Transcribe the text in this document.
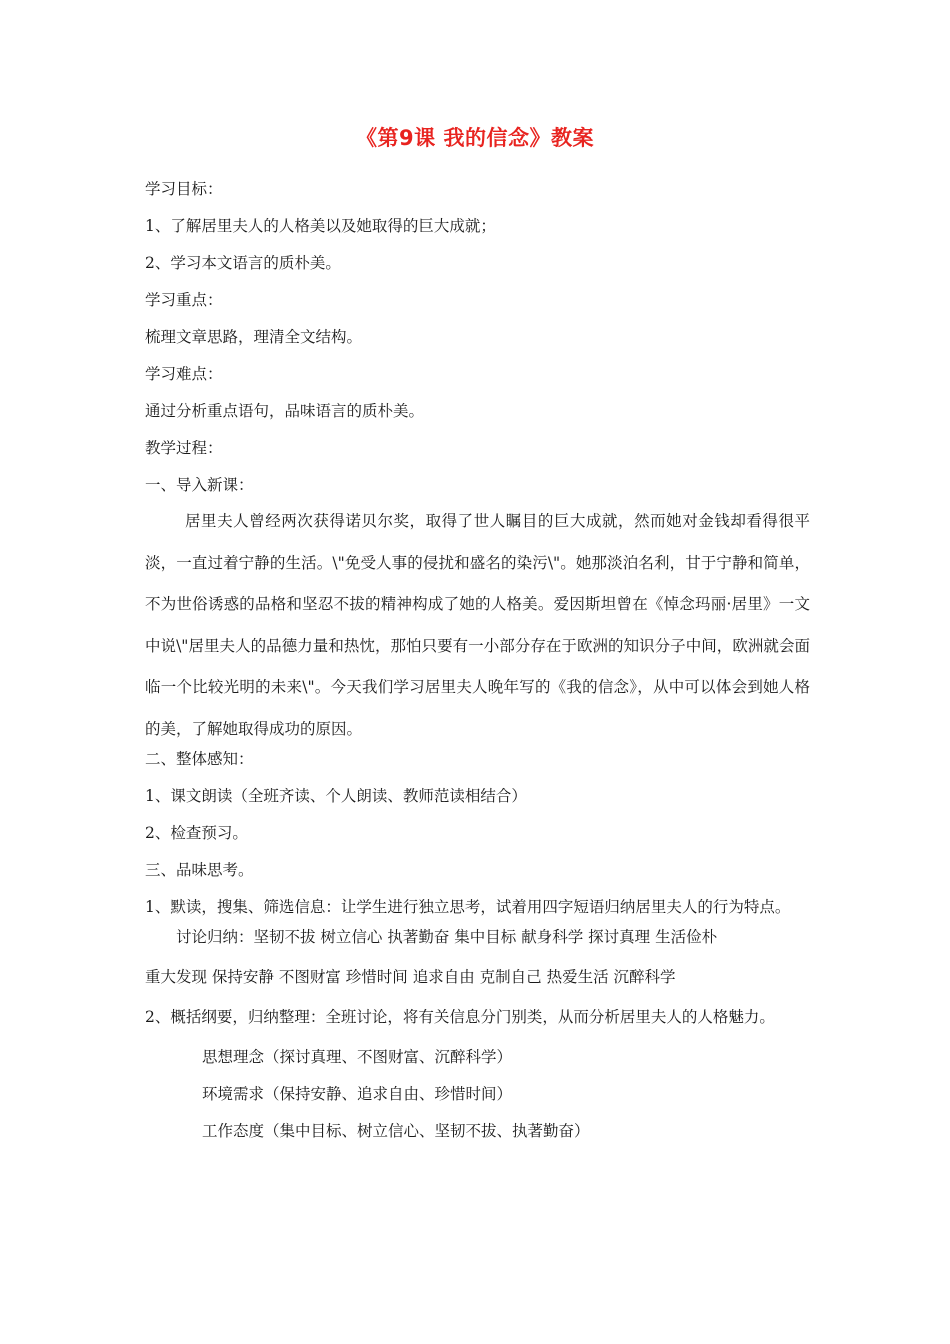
《第9课 我的信念》教案
学习目标：
1、了解居里夫人的人格美以及她取得的巨大成就；
2、学习本文语言的质朴美。
学习重点：
梳理文章思路，理清全文结构。
学习难点：
通过分析重点语句，品味语言的质朴美。
教学过程：
一、导入新课：
居里夫人曾经两次获得诺贝尔奖，取得了世人瞩目的巨大成就，然而她对金钱却看得很平淡，一直过着宁静的生活。\"免受人事的侵扰和盛名的染污\"。她那淡泊名利，甘于宁静和简单，不为世俗诱惑的品格和坚忍不拔的精神构成了她的人格美。爱因斯坦曾在《悼念玛丽·居里》一文中说\"居里夫人的品德力量和热忱，那怕只要有一小部分存在于欧洲的知识分子中间，欧洲就会面临一个比较光明的未来\"。今天我们学习居里夫人晚年写的《我的信念》，从中可以体会到她人格的美，了解她取得成功的原因。
二、整体感知：
1、课文朗读（全班齐读、个人朗读、教师范读相结合）
2、检查预习。
三、品味思考。
1、默读，搜集、筛选信息：让学生进行独立思考，试着用四字短语归纳居里夫人的行为特点。
讨论归纳：坚韧不拔 树立信心 执著勤奋 集中目标 献身科学 探讨真理 生活俭朴
重大发现 保持安静 不图财富 珍惜时间 追求自由 克制自己 热爱生活 沉醉科学
2、概括纲要，归纳整理：全班讨论，将有关信息分门别类，从而分析居里夫人的人格魅力。
思想理念（探讨真理、不图财富、沉醉科学）
环境需求（保持安静、追求自由、珍惜时间）
工作态度（集中目标、树立信心、坚韧不拔、执著勤奋）
